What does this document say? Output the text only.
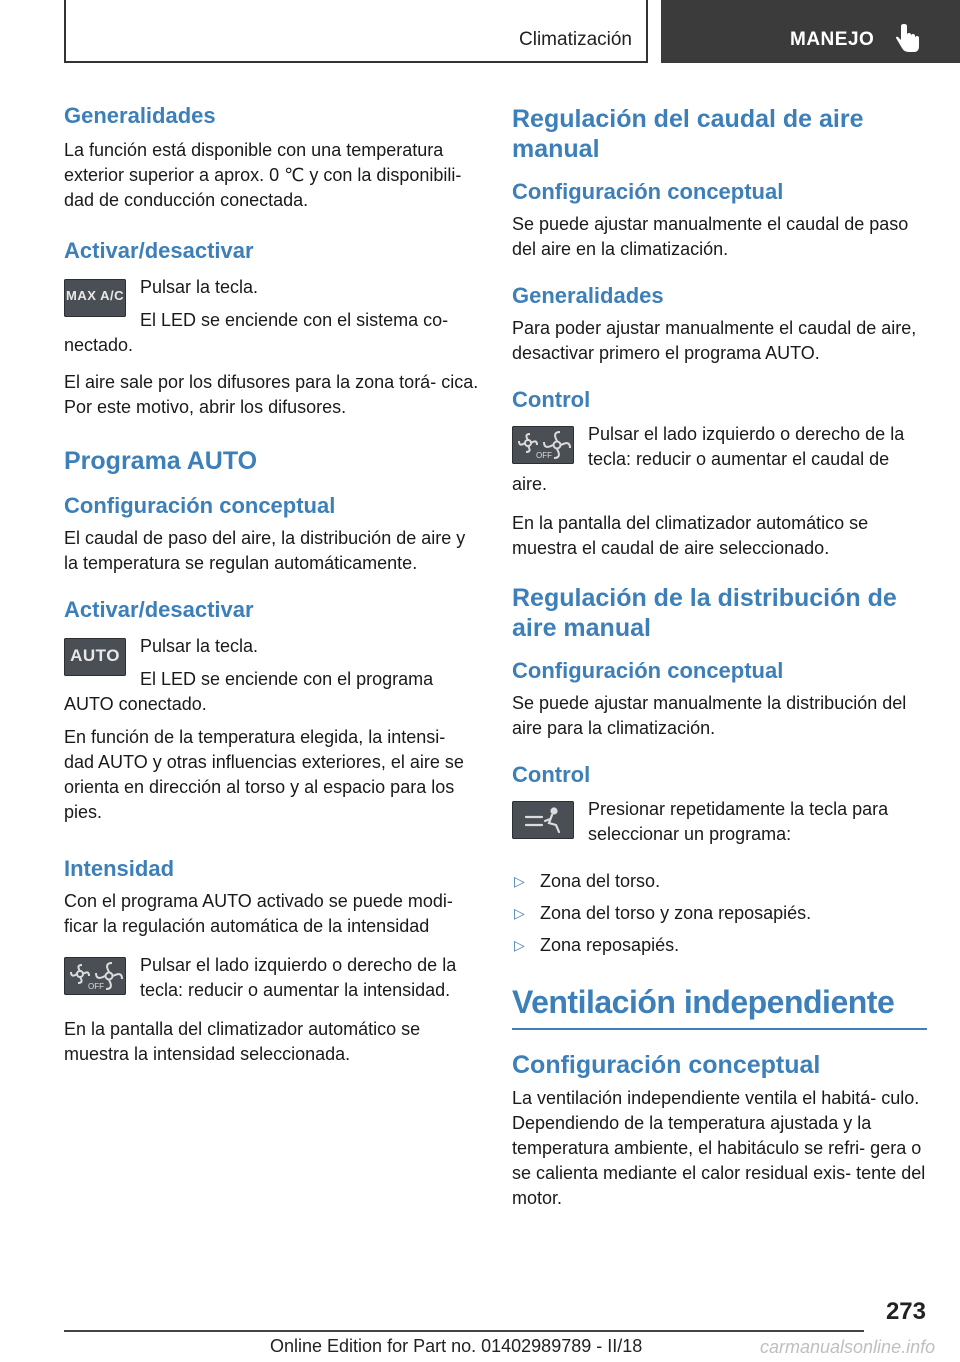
Climatización	MANEJO
Generalidades

La función está disponible con una temperatura exterior superior a aprox. 0 ℃ y con la disponibili‐ dad de conducción conectada.

Activar/desactivar
MAX A/C Pulsar la tecla.

El LED se enciende con el sistema co‐ nectado.

El aire sale por los difusores para la zona torá‐ cica. Por este motivo, abrir los difusores.

Programa AUTO
Configuración conceptual

El caudal de paso del aire, la distribución de aire y la temperatura se regulan automáticamente.

Activar/desactivar
AUTO	Pulsar la tecla.

El LED se enciende con el programa AUTO conectado.

En función de la temperatura elegida, la intensi‐ dad AUTO y otras influencias exteriores, el aire se orienta en dirección al torso y al espacio para los pies.

Intensidad

Con el programa AUTO activado se puede modi‐ ficar la regulación automática de la intensidad

OFF

Pulsar el lado izquierdo o derecho de la tecla: reducir o aumentar la intensidad.

En la pantalla del climatizador automático se muestra la intensidad seleccionada.

Regulación del caudal de aire manual
Configuración conceptual

Se puede ajustar manualmente el caudal de paso del aire en la climatización.

Generalidades

Para poder ajustar manualmente el caudal de aire, desactivar primero el programa AUTO.

Control
OFF

Pulsar el lado izquierdo o derecho de la tecla: reducir o aumentar el caudal de aire.

En la pantalla del climatizador automático se muestra el caudal de aire seleccionado.

Regulación de la distribución de aire manual
Configuración conceptual

Se puede ajustar manualmente la distribución del aire para la climatización.

Control

Presionar repetidamente la tecla para seleccionar un programa:

▷ Zona del torso.
▷ Zona del torso y zona reposapiés.
▷ Zona reposapiés.
Ventilación independiente
Configuración conceptual

La ventilación independiente ventila el habitá‐ culo. Dependiendo de la temperatura ajustada y la temperatura ambiente, el habitáculo se refri‐ gera o se calienta mediante el calor residual exis‐ tente del motor.

273
Online Edition for Part no. 01402989789 - II/18	carmanualsonline.info
